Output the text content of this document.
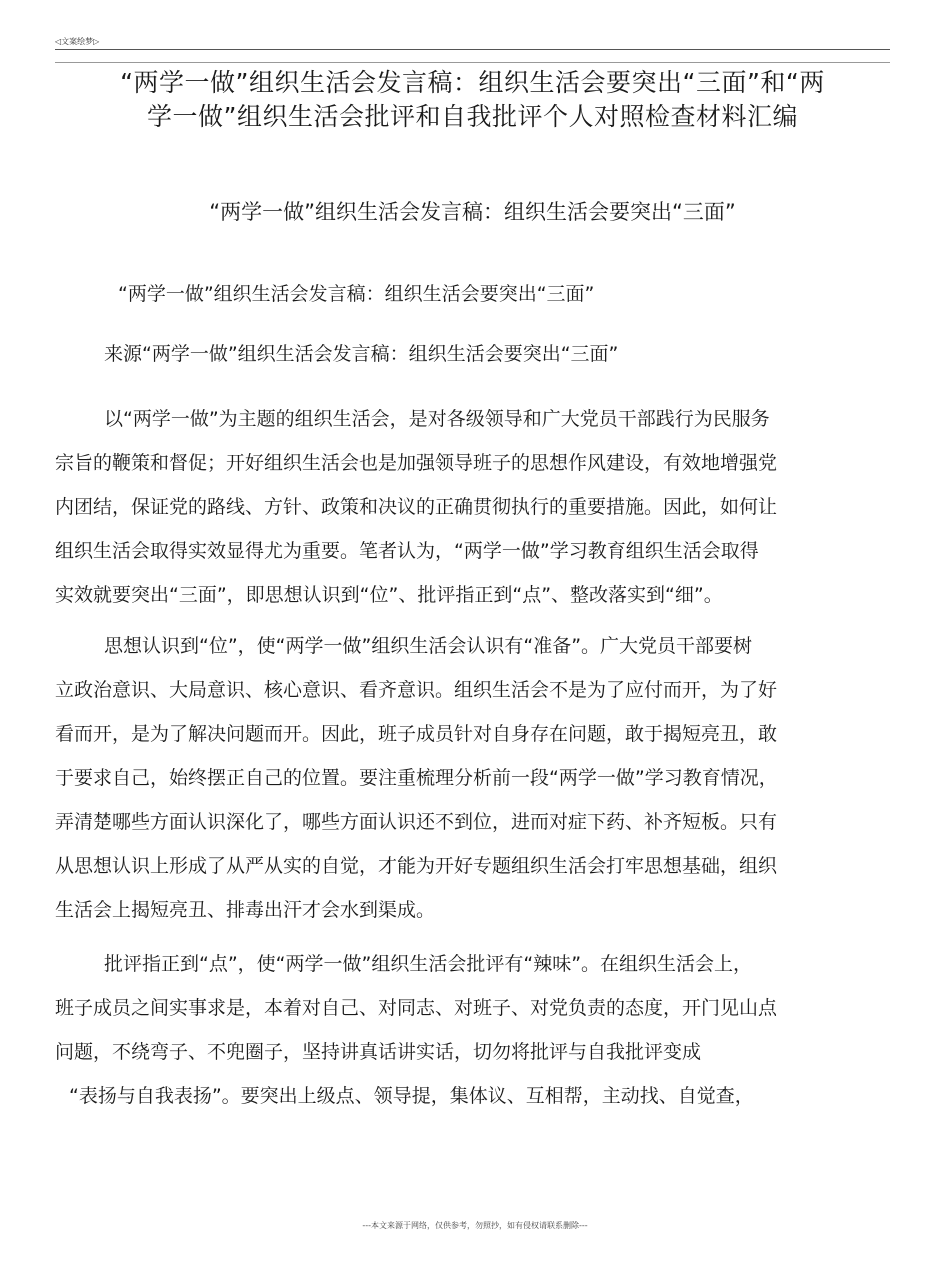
◁文案绘梦▷
“两学一做”组织生活会发言稿：组织生活会要突出“三面”和“两
学一做”组织生活会批评和自我批评个人对照检查材料汇编
“两学一做”组织生活会发言稿：组织生活会要突出“三面”

“两学一做”组织生活会发言稿：组织生活会要突出“三面”

来源“两学一做”组织生活会发言稿：组织生活会要突出“三面”

以“两学一做”为主题的组织生活会，是对各级领导和广大党员干部践行为民服务
宗旨的鞭策和督促；开好组织生活会也是加强领导班子的思想作风建设，有效地增强党
内团结，保证党的路线、方针、政策和决议的正确贯彻执行的重要措施。因此，如何让
组织生活会取得实效显得尤为重要。笔者认为，“两学一做”学习教育组织生活会取得
实效就要突出“三面”，即思想认识到“位”、批评指正到“点”、整改落实到“细”。
思想认识到“位”，使“两学一做”组织生活会认识有“准备”。广大党员干部要树
立政治意识、大局意识、核心意识、看齐意识。组织生活会不是为了应付而开，为了好
看而开，是为了解决问题而开。因此，班子成员针对自身存在问题，敢于揭短亮丑，敢
于要求自己，始终摆正自己的位置。要注重梳理分析前一段“两学一做”学习教育情况，
弄清楚哪些方面认识深化了，哪些方面认识还不到位，进而对症下药、补齐短板。只有
从思想认识上形成了从严从实的自觉，才能为开好专题组织生活会打牢思想基础，组织
生活会上揭短亮丑、排毒出汗才会水到渠成。
批评指正到“点”，使“两学一做”组织生活会批评有“辣味”。在组织生活会上，
班子成员之间实事求是，本着对自己、对同志、对班子、对党负责的态度，开门见山点
问题，不绕弯子、不兜圈子，坚持讲真话讲实话，切勿将批评与自我批评变成
“表扬与自我表扬”。要突出上级点、领导提，集体议、互相帮，主动找、自觉查，
---本文来源于网络，仅供参考，勿照抄，如有侵权请联系删除---
